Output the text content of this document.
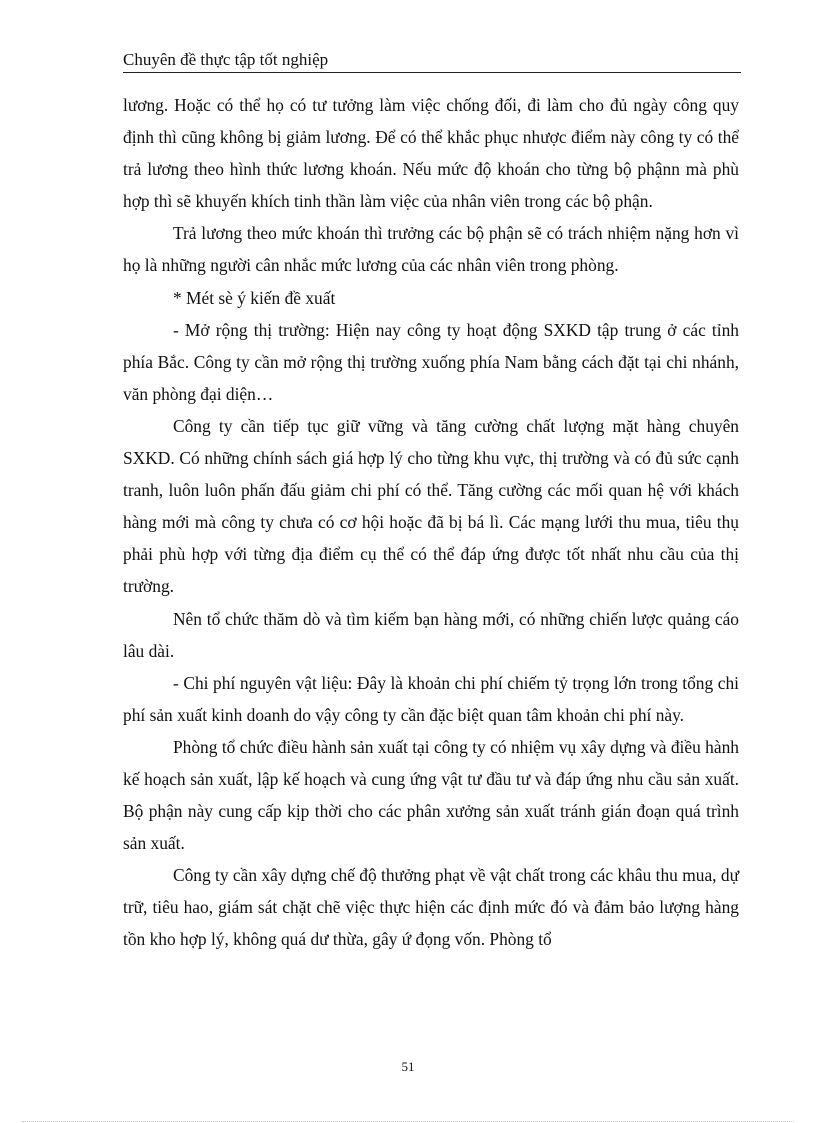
Chuyên đề thực tập tốt nghiệp

lương. Hoặc có thể họ có tư tưởng làm việc chống đối, đi làm cho đủ ngày công quy định thì cũng không bị giảm lương. Để có thể khắc phục nhược điểm này công ty có thể trả lương theo hình thức lương khoán. Nếu mức độ khoán cho từng bộ phậnn mà phù hợp thì sẽ khuyến khích tinh thần làm việc của nhân viên trong các bộ phận.

Trả lương theo mức khoán thì trưởng các bộ phận sẽ có trách nhiệm nặng hơn vì họ là những người cân nhắc mức lương của các nhân viên trong phòng.

* Mét sè ý kiến đề xuất

- Mở rộng thị trường: Hiện nay công ty hoạt động SXKD tập trung ở các tỉnh phía Bắc. Công ty cần mở rộng thị trường xuống phía Nam bằng cách đặt tại chi nhánh, văn phòng đại diện…

Công ty cần tiếp tục giữ vững và tăng cường chất lượng mặt hàng chuyên SXKD. Có những chính sách giá hợp lý cho từng khu vực, thị trường và có đủ sức cạnh tranh, luôn luôn phấn đấu giảm chi phí có thể. Tăng cường các mối quan hệ với khách hàng mới mà công ty chưa có cơ hội hoặc đã bị bá lì. Các mạng lưới thu mua, tiêu thụ phải phù hợp với từng địa điểm cụ thể có thể đáp ứng được tốt nhất nhu cầu của thị trường.

Nên tổ chức thăm dò và tìm kiếm bạn hàng mới, có những chiến lược quảng cáo lâu dài.

- Chi phí nguyên vật liệu: Đây là khoản chi phí chiếm tỷ trọng lớn trong tổng chi phí sản xuất kinh doanh do vậy công ty cần đặc biệt quan tâm khoản chi phí này.

Phòng tổ chức điều hành sản xuất tại công ty có nhiệm vụ xây dựng và điều hành kế hoạch sản xuất, lập kế hoạch và cung ứng vật tư đầu tư và đáp ứng nhu cầu sản xuất. Bộ phận này cung cấp kịp thời cho các phân xưởng sản xuất tránh gián đoạn quá trình sản xuất.

Công ty cần xây dựng chế độ thưởng phạt về vật chất trong các khâu thu mua, dự trữ, tiêu hao, giám sát chặt chẽ việc thực hiện các định mức đó và đảm bảo lượng hàng tồn kho hợp lý, không quá dư thừa, gây ứ đọng vốn. Phòng tổ

51
